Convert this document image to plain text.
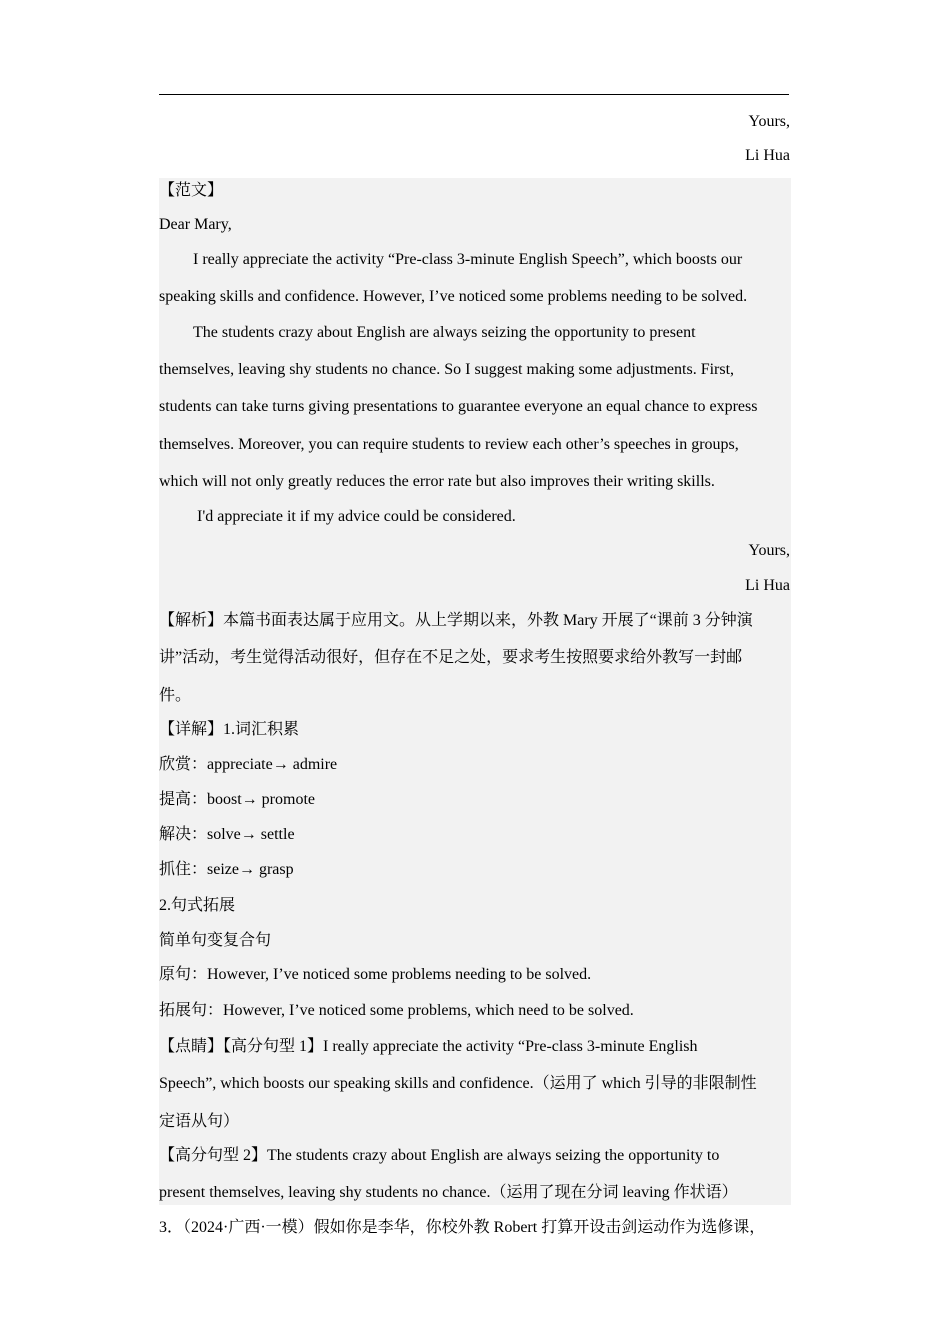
Yours,
Li Hua
【范文】
Dear Mary,
I really appreciate the activity “Pre-class 3-minute English Speech”, which boosts our
speaking skills and confidence. However, I’ve noticed some problems needing to be solved.
The students crazy about English are always seizing the opportunity to present
themselves, leaving shy students no chance. So I suggest making some adjustments. First,
students can take turns giving presentations to guarantee everyone an equal chance to express
themselves. Moreover, you can require students to review each other’s speeches in groups,
which will not only greatly reduces the error rate but also improves their writing skills.
I'd appreciate it if my advice could be considered.
Yours,
Li Hua
【解析】本篇书面表达属于应用文。从上学期以来，外教 Mary 开展了“课前 3 分钟演
讲”活动，考生觉得活动很好，但存在不足之处，要求考生按照要求给外教写一封邮
件。
【详解】1.词汇积累
欣赏：appreciate→ admire
提高：boost→ promote
解决：solve→ settle
抓住：seize→ grasp
2.句式拓展
简单句变复合句
原句：However, I’ve noticed some problems needing to be solved.
拓展句：However, I’ve noticed some problems, which need to be solved.
【点睛】【高分句型 1】I really appreciate the activity “Pre-class 3-minute English
Speech”, which boosts our speaking skills and confidence.（运用了 which 引导的非限制性
定语从句）
【高分句型 2】The students crazy about English are always seizing the opportunity to
present themselves, leaving shy students no chance.（运用了现在分词 leaving 作状语）
3．（2024·广西·一模）假如你是李华，你校外教 Robert 打算开设击剑运动作为选修课，
